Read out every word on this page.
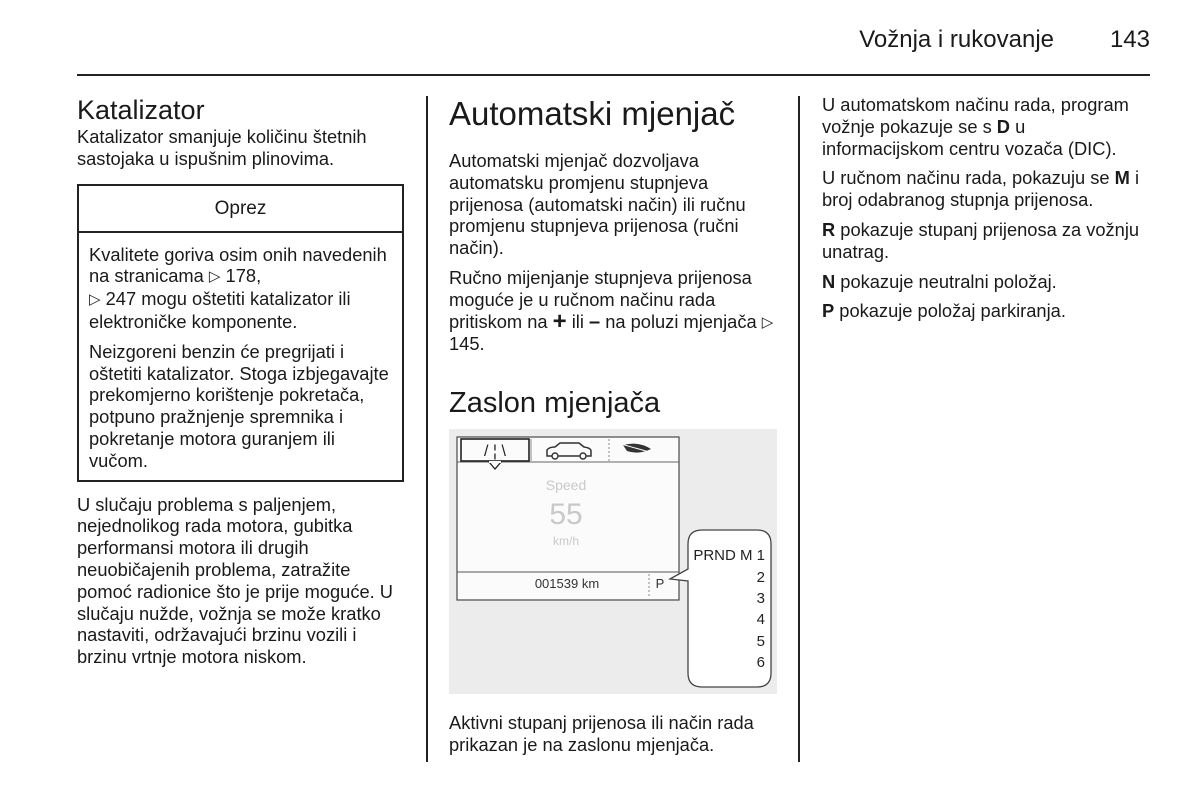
Vožnja i rukovanje 143
Katalizator

Katalizator smanjuje količinu štetnih sastojaka u ispušnim plinovima.

Oprez

Kvalitete goriva osim onih navedenih na stranicama ▷ 178,
▷ 247 mogu oštetiti katalizator ili elektroničke komponente.

Neizgoreni benzin će pregrijati i oštetiti katalizator. Stoga izbjegavajte prekomjerno korištenje pokretača, potpuno pražnjenje spremnika i pokretanje motora guranjem ili vučom.

U slučaju problema s paljenjem, nejednolikog rada motora, gubitka performansi motora ili drugih neuobičajenih problema, zatražite pomoć radionice što je prije moguće. U slučaju nužde, vožnja se može kratko nastaviti, održavajući brzinu vozili i brzinu vrtnje motora niskom.

Automatski mjenjač

Automatski mjenjač dozvoljava automatsku promjenu stupnjeva prijenosa (automatski način) ili ručnu promjenu stupnjeva prijenosa (ručni način).

Ručno mijenjanje stupnjeva prijenosa moguće je u ručnom načinu rada pritiskom na + ili – na poluzi mjenjača ▷ 145.

Zaslon mjenjača
/ ¦ \
Speed
55
km/h
001539 km	P
PRND M 1
2
3
4
5
6

Aktivni stupanj prijenosa ili način rada prikazan je na zaslonu mjenjača.

U automatskom načinu rada, program vožnje pokazuje se s D u informacijskom centru vozača (DIC).

U ručnom načinu rada, pokazuju se M i broj odabranog stupnja prijenosa.

R pokazuje stupanj prijenosa za vožnju unatrag.

N pokazuje neutralni položaj.

P pokazuje položaj parkiranja.
